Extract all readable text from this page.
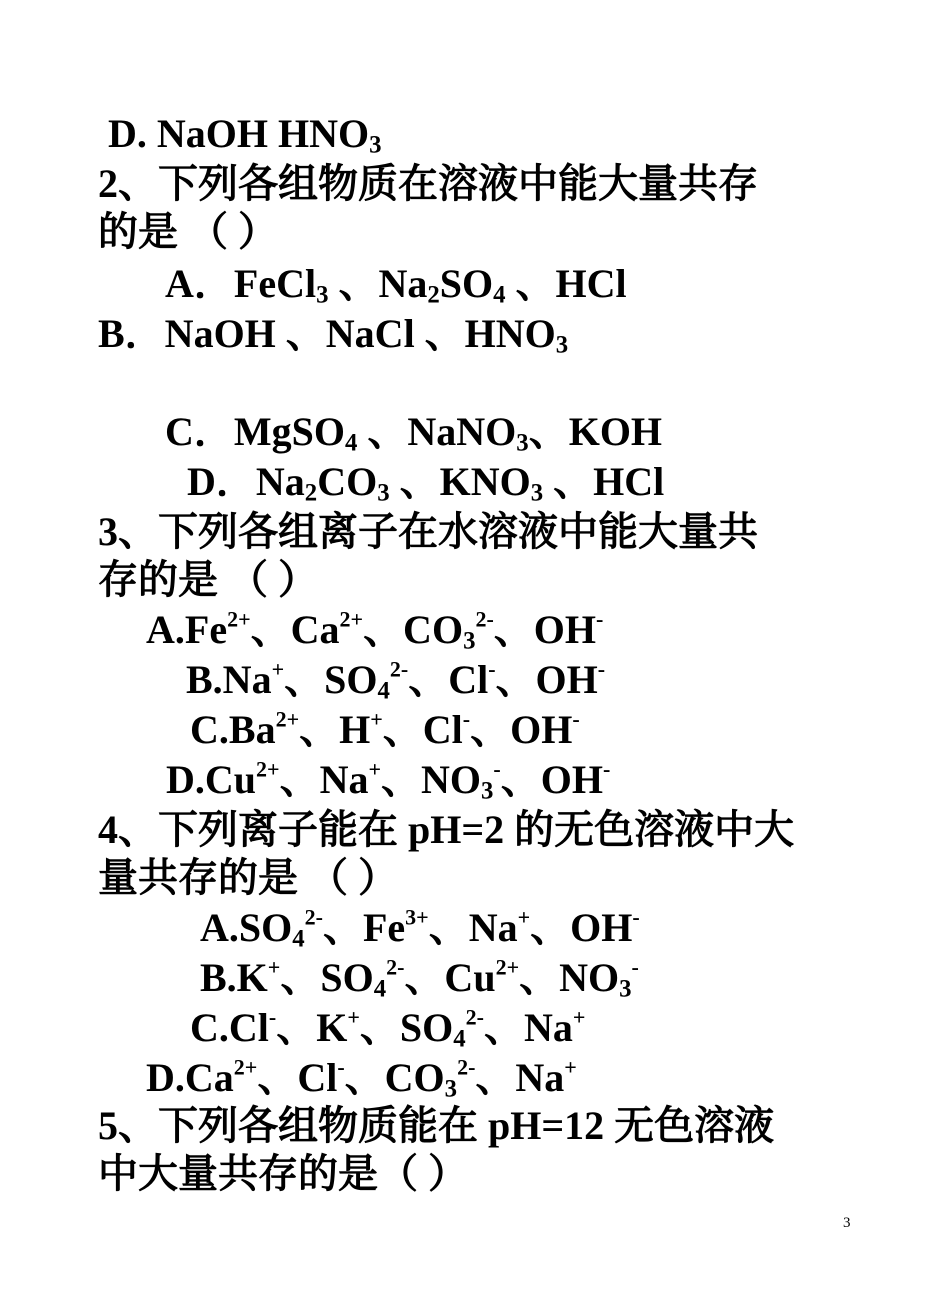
D. NaOH $HNO_3$

2、下列各组物质在溶液中能大量共存

的是 （ ）

A．FeCl$_3$ 、$Na_2SO_4$ 、HCl

B．NaOH 、NaCl 、$HNO_3$

C．MgSO$_4$ 、NaNO$_3$、KOH

D．$Na_2CO_3$ 、$KNO_3$ 、HCl

3、下列各组离子在水溶液中能大量共

存的是 （ ）

$A.Fe^{2+}$、$Ca^{2+}$、$CO_3^{2-}$、OH-

B.Na+、$SO_4^{2-}$、Cl-、OH-

$C.Ba^{2+}$、H+、Cl-、OH-

$D.Cu^{2+}$、Na+、$NO_3^-$、OH-

4、下列离子能在 pH=2 的无色溶液中大

量共存的是 （ ）

$A.SO_4^{2-}$、$Fe^{3+}$、Na+、OH-

B.K+、$SO_4^{2-}$、$Cu^{2+}$、$NO_3^-$

C.Cl-、K+、$SO_4^{2-}$、Na+

$D.Ca^{2+}$、Cl-、$CO_3^{2-}$、Na+

5、下列各组物质能在 pH=12 无色溶液

中大量共存的是（ ）

3
